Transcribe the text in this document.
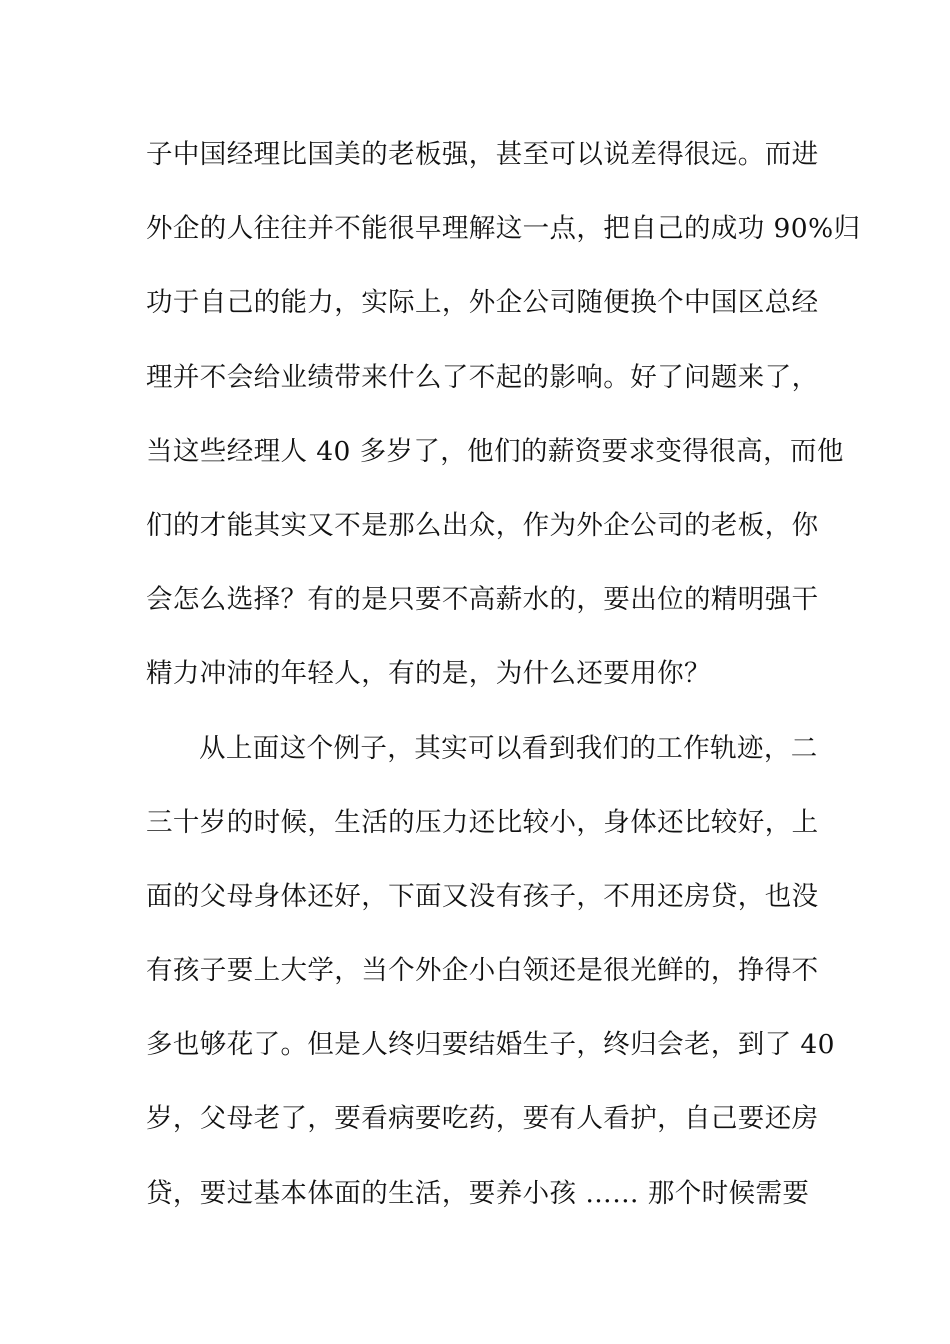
子中国经理比国美的老板强，甚至可以说差得很远。而进
外企的人往往并不能很早理解这一点，把自己的成功 90%归
功于自己的能力，实际上，外企公司随便换个中国区总经
理并不会给业绩带来什么了不起的影响。好了问题来了，
当这些经理人 40 多岁了，他们的薪资要求变得很高，而他
们的才能其实又不是那么出众，作为外企公司的老板，你
会怎么选择？有的是只要不高薪水的，要出位的精明强干
精力冲沛的年轻人，有的是，为什么还要用你？
从上面这个例子，其实可以看到我们的工作轨迹，二
三十岁的时候，生活的压力还比较小，身体还比较好，上
面的父母身体还好，下面又没有孩子，不用还房贷，也没
有孩子要上大学，当个外企小白领还是很光鲜的，挣得不
多也够花了。但是人终归要结婚生子，终归会老，到了 40
岁，父母老了，要看病要吃药，要有人看护，自己要还房
贷，要过基本体面的生活，要养小孩 …… 那个时候需要
